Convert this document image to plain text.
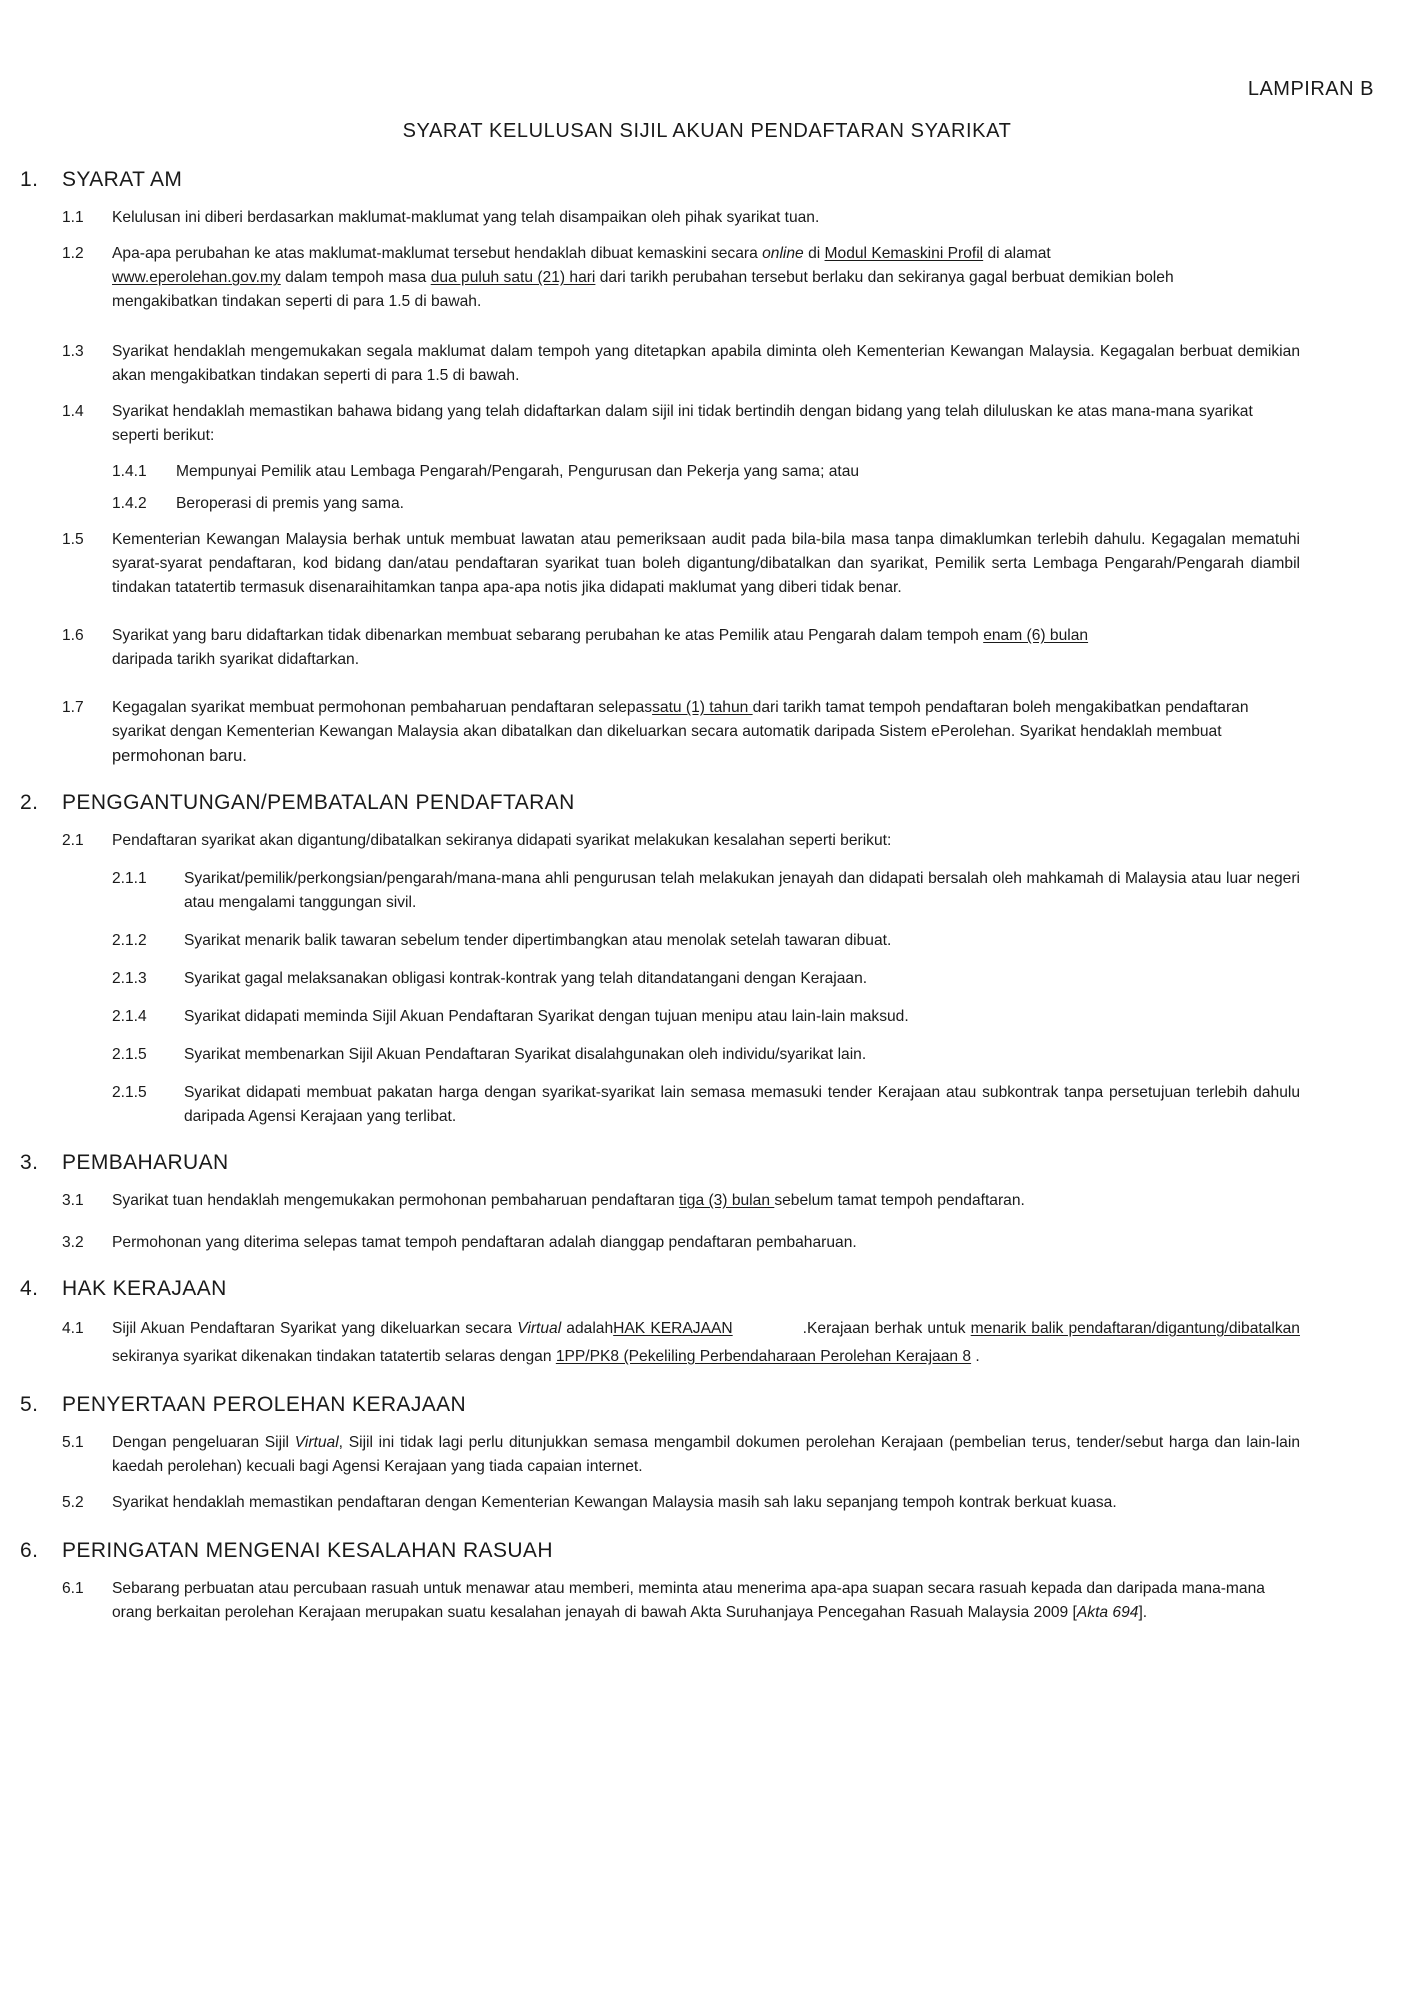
LAMPIRAN B
SYARAT KELULUSAN SIJIL AKUAN PENDAFTARAN SYARIKAT
1.	SYARAT AM
1.1	Kelulusan ini diberi berdasarkan maklumat-maklumat yang telah disampaikan oleh pihak syarikat tuan.
1.2	Apa-apa perubahan ke atas maklumat-maklumat tersebut hendaklah dibuat kemaskini secara online di Modul Kemaskini Profil di alamat www.eperolehan.gov.my dalam tempoh masa dua puluh satu (21) hari dari tarikh perubahan tersebut berlaku dan sekiranya gagal berbuat demikian boleh mengakibatkan tindakan seperti di para 1.5 di bawah.
1.3	Syarikat hendaklah mengemukakan segala maklumat dalam tempoh yang ditetapkan apabila diminta oleh Kementerian Kewangan Malaysia. Kegagalan berbuat demikian akan mengakibatkan tindakan seperti di para 1.5 di bawah.
1.4	Syarikat hendaklah memastikan bahawa bidang yang telah didaftarkan dalam sijil ini tidak bertindih dengan bidang yang telah diluluskan ke atas mana-mana syarikat seperti berikut:
1.4.1	Mempunyai Pemilik atau Lembaga Pengarah/Pengarah, Pengurusan dan Pekerja yang sama; atau
1.4.2	Beroperasi di premis yang sama.
1.5	Kementerian Kewangan Malaysia berhak untuk membuat lawatan atau pemeriksaan audit pada bila-bila masa tanpa dimaklumkan terlebih dahulu. Kegagalan mematuhi syarat-syarat pendaftaran, kod bidang dan/atau pendaftaran syarikat tuan boleh digantung/dibatalkan dan syarikat, Pemilik serta Lembaga Pengarah/Pengarah diambil tindakan tatatertib termasuk disenaraihitamkan tanpa apa-apa notis jika didapati maklumat yang diberi tidak benar.
1.6	Syarikat yang baru didaftarkan tidak dibenarkan membuat sebarang perubahan ke atas Pemilik atau Pengarah dalam tempoh enam (6) bulan daripada tarikh syarikat didaftarkan.
1.7	Kegagalan syarikat membuat permohonan pembaharuan pendaftaran selepassatu (1) tahun dari tarikh tamat tempoh pendaftaran boleh mengakibatkan pendaftaran syarikat dengan Kementerian Kewangan Malaysia akan dibatalkan dan dikeluarkan secara automatik daripada Sistem ePerolehan. Syarikat hendaklah membuat permohonan baru.
2.	PENGGANTUNGAN/PEMBATALAN PENDAFTARAN
2.1	Pendaftaran syarikat akan digantung/dibatalkan sekiranya didapati syarikat melakukan kesalahan seperti berikut:
2.1.1	Syarikat/pemilik/perkongsian/pengarah/mana-mana ahli pengurusan telah melakukan jenayah dan didapati bersalah oleh mahkamah di Malaysia atau luar negeri atau mengalami tanggungan sivil.
2.1.2	Syarikat menarik balik tawaran sebelum tender dipertimbangkan atau menolak setelah tawaran dibuat.
2.1.3	Syarikat gagal melaksanakan obligasi kontrak-kontrak yang telah ditandatangani dengan Kerajaan.
2.1.4	Syarikat didapati meminda Sijil Akuan Pendaftaran Syarikat dengan tujuan menipu atau lain-lain maksud.
2.1.5	Syarikat membenarkan Sijil Akuan Pendaftaran Syarikat disalahgunakan oleh individu/syarikat lain.
2.1.5	Syarikat didapati membuat pakatan harga dengan syarikat-syarikat lain semasa memasuki tender Kerajaan atau subkontrak tanpa persetujuan terlebih dahulu daripada Agensi Kerajaan yang terlibat.
3.	PEMBAHARUAN
3.1	Syarikat tuan hendaklah mengemukakan permohonan pembaharuan pendaftaran tiga (3) bulan sebelum tamat tempoh pendaftaran.
3.2	Permohonan yang diterima selepas tamat tempoh pendaftaran adalah dianggap pendaftaran pembaharuan.
4.	HAK KERAJAAN
4.1	Sijil Akuan Pendaftaran Syarikat yang dikeluarkan secara Virtual adalahHAK KERAJAAN	.Kerajaan berhak untuk menarik balik pendaftaran/digantung/dibatalkan sekiranya syarikat dikenakan tindakan tatatertib selaras dengan 1PP/PK8 (Pekeliling Perbendaharaan Perolehan Kerajaan 8 .
5.	PENYERTAAN PEROLEHAN KERAJAAN
5.1	Dengan pengeluaran Sijil Virtual, Sijil ini tidak lagi perlu ditunjukkan semasa mengambil dokumen perolehan Kerajaan (pembelian terus, tender/sebut harga dan lain-lain kaedah perolehan) kecuali bagi Agensi Kerajaan yang tiada capaian internet.
5.2	Syarikat hendaklah memastikan pendaftaran dengan Kementerian Kewangan Malaysia masih sah laku sepanjang tempoh kontrak berkuat kuasa.
6.	PERINGATAN MENGENAI KESALAHAN RASUAH
6.1	Sebarang perbuatan atau percubaan rasuah untuk menawar atau memberi, meminta atau menerima apa-apa suapan secara rasuah kepada dan daripada mana-mana orang berkaitan perolehan Kerajaan merupakan suatu kesalahan jenayah di bawah Akta Suruhanjaya Pencegahan Rasuah Malaysia 2009 [Akta 694].
